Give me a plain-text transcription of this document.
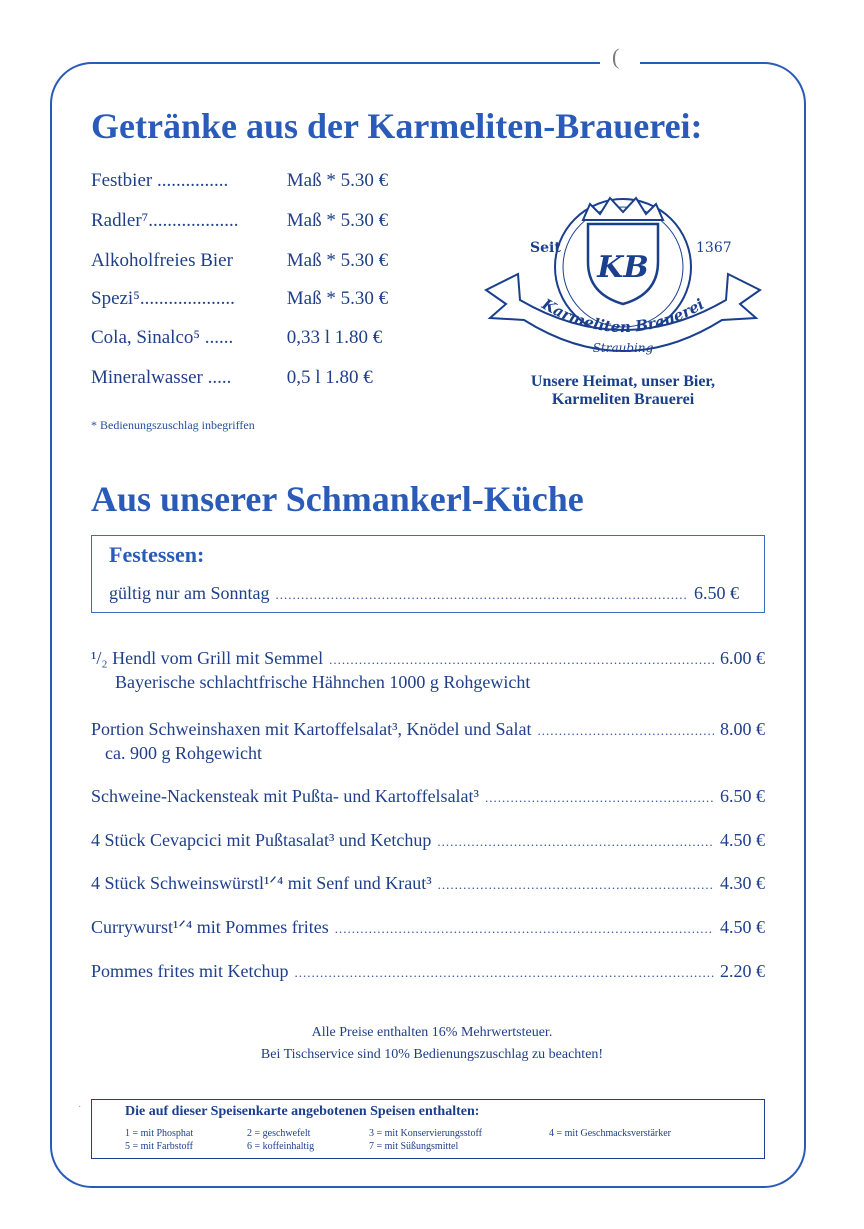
(
Getränke aus der Karmeliten-Brauerei:
Festbier ...............	Maß * 5.30 €
Radler⁷...................	Maß * 5.30 €
Alkoholfreies Bier	Maß * 5.30 €
Spezi⁵....................	Maß * 5.30 €
Cola, Sinalco⁵ ......	0,33 l 1.80 €
Mineralwasser .....	0,5 l 1.80 €
* Bedienungszuschlag inbegriffen
KB
Seit	1367
Karmeliten Brauerei
Straubing
Unsere Heimat, unser Bier,
Karmeliten Brauerei
Aus unserer Schmankerl-Küche
Festessen:
gültig nur am Sonntag .....	6.50 €
¹/₂ Hendl vom Grill mit Semmel .....	6.00 €
Bayerische schlachtfrische Hähnchen 1000 g Rohgewicht
Portion Schweinshaxen mit Kartoffelsalat³, Knödel und Salat .....	8.00 €
ca. 900 g Rohgewicht
Schweine-Nackensteak mit Pußta- und Kartoffelsalat³ .....	6.50 €
4 Stück Cevapcici mit Pußtasalat³ und Ketchup .....	4.50 €
4 Stück Schweinswürstl¹ᐟ⁴ mit Senf und Kraut³ .....	4.30 €
Currywurst¹ᐟ⁴ mit Pommes frites .....	4.50 €
Pommes frites mit Ketchup .....	2.20 €
Alle Preise enthalten 16% Mehrwertsteuer.
Bei Tischservice sind 10% Bedienungszuschlag zu beachten!
·	Die auf dieser Speisenkarte angebotenen Speisen enthalten:
1 = mit Phosphat	2 = geschwefelt	3 = mit Konservierungsstoff	4 = mit Geschmacksverstärker
5 = mit Farbstoff	6 = koffeinhaltig	7 = mit Süßungsmittel
